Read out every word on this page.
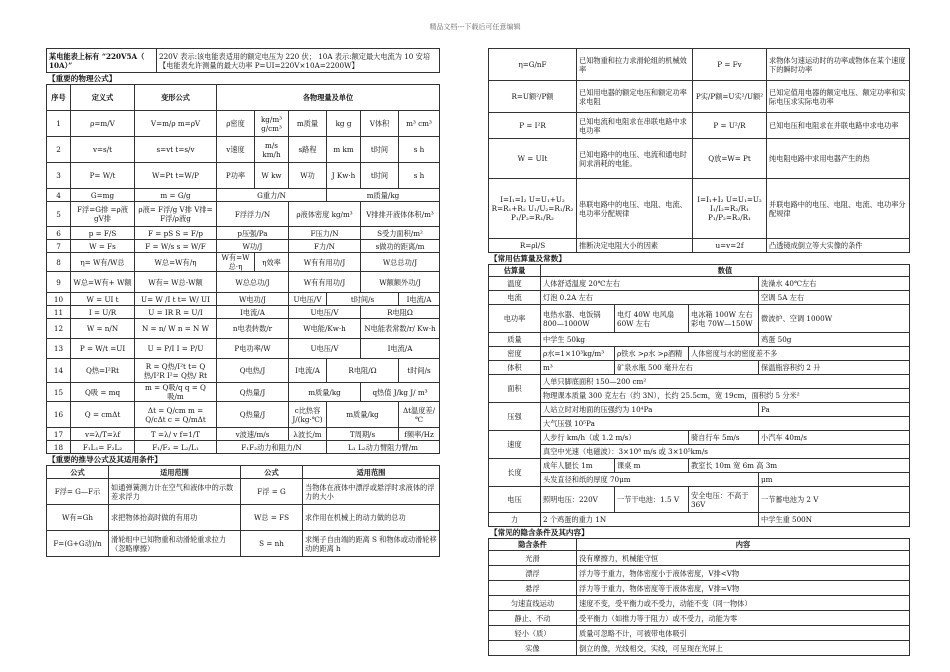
精品文档---下载后可任意编辑
某电能表上标有 “220V5A（ 10A）”	220V 表示:该电能表适用的额定电压为 220 伏； 10A 表示:额定最大电流为 10 安培【电能表允许测量的最大功率 P=UI=220V×10A=2200W】
【重要的物理公式】
序号	定义式	变形公式	各物理量及单位					
1	ρ=m/V	V=m/ρ m=ρV	ρ密度	kg/m³ g/cm³	m质量	kg g	V体积	m³ cm³
2	v=s/t	s=vt t=s/v	v速度	m/s km/h	s路程	m km	t时间	s h
3	P= W/t	W=Pt t=W/P	P功率	W kw	W功	J Kw·h	t时间	s h
4	G=mg	m = G/g	G重力/N			m质量/kg		
5	F浮=G排 =ρ液gV排	ρ液= F浮/g V排 V排= F浮/ρ液g	F浮浮力/N		ρ液体密度 kg/m³		V排排开液体体积/m³	
6	p = F/S	F = pS S = F/p	p压强/Pa		F压力/N		S受力面积/m²	
7	W = Fs	F = W/s s = W/F	W功/J		F力/N		s做功的距离/m	
8	η= W有/W总	W总=W有/η	W有=W总·η	η效率	W有有用功/J		W总总功/J	
9	W总=W有+ W额	W有= W总-W额	W总总功/J		W有有用功/J		W额额外功/J	
10	W = UI t	U= W /I t t= W/ UI	W电功/J		U电压/V	t时间/s		I电流/A
11	I = U/R	U = IR R = U/I	I电流/A		U电压/V		R电阻Ω	
12	W = n/N	N = n/ W n = N W	n电表转数/r		W电能/Kw·h		N电能表常数/r/ Kw·h	
13	P = W/t =UI	U = P/I I = P/U	P电功率/W		U电压/V		I电流/A	
14	Q热=I²Rt	R = Q热/I²t t= Q热/I²R I²= Q热/ Rt	Q电热/J		I电流/A	R电阻/Ω		t时间/s
15	Q吸 = mq	m = Q吸/q q = Q吸/m	Q热量/J		m质量/kg		q热值 J/kg J/ m³	
16	Q = cmΔt	Δt = Q/cm m = Q/cΔt c = Q/mΔt	Q热量/J		c比热容 J/(kg·℃)	m质量/kg		Δt温度差/℃
17	v=λ/T=λf	T =λ/ v f=1/T	v波速/m/s		λ波长/m	T周期/s		f频率/Hz
18	F₁L₁= F₂L₂	F₁/F₂ = L₂/L₁	F₁F₂动力和阻力/N			L₁ L₂动力臂阻力臂/m		
【重要的推导公式及其适用条件】
公式	适用范围	公式	适用范围
F浮= G—F示	如通弹簧测力计在空气和液体中的示数差求浮力	F浮 = G	当物体在液体中漂浮或悬浮时求液体的浮力的大小
W有=Gh	求把物体抬高时做的有用功	W总 = FS	求作用在机械上的动力做的总功
F=(G+G动)/n	滑轮组中已知物重和动滑轮重求拉力（忽略摩擦）	S = nh	求绳子自由端的距离 S 和物体或动滑轮移动的距离 h
η=G/nF	已知物重和拉力求滑轮组的机械效率	P = Fv	求物体匀速运动时的功率或物体在某个速度下的瞬时功率
R=U额²/P额	已知用电器的额定电压和额定功率求电阻	P实/P额=U实²/U额²	已知定值用电器的额定电压、额定功率和实际电压求实际电功率
P = I²R	已知电流和电阻求在串联电路中求电功率	P = U²/R	已知电压和电阻求在并联电路中求电功率
W = UIt	已知电路中的电压、电流和通电时间求消耗的电能。	Q放=W= Pt	纯电阻电路中求用电器产生的热
I=I₁=I₂ U=U₁+U₂ R=R₁+R₂ U₁/U₂=R₁/R₂ P₁/P₂=R₁/R₂	串联电路中的电压、电阻、电流、电功率分配规律	I=I₁+I₂ U=U₁=U₂ I₁/I₂=R₂/R₁ P₁/P₂=R₂/R₁	并联电路中的电压、电阻、电流、电功率分配规律
R=ρl/S	推断决定电阻大小的因素	u=v=2f	凸透镜成倒立等大实像的条件
【常用估算量及常数】
估算量	数值			
温度	人体舒适温度 20℃左右			洗澡水 40℃左右
电流	灯泡 0.2A 左右			空调 5A 左右
电功率	电热水器、电饭锅800—1000W	电灯 40W 电风扇 60W 左右	电冰箱 100W 左右 彩电 70W—150W	微波炉、空调 1000W
质量	中学生 50kg			鸡蛋 50g
密度	ρ水=1×10³kg/m³	ρ铁水 >ρ水 >ρ酒精	人体密度与水的密度差不多	
体积	m³	矿泉水瓶 500 毫升左右		保温瓶容积约 2 升
面积	人单只脚底面积 150—200 cm²			
	物理课本质量 300 克左右（约 3N），长约 25.5cm，宽 19cm，面积约 5 分米²			
压强	人站立时对地面的压强约为 10⁴Pa			Pa
	大气压强 10⁵Pa			
速度	人步行 km/h（或 1.2 m/s）		骑自行车 5m/s	小汽车 40m/s
	真空中光速（电磁波）：3×10⁸ m/s 或 3×10⁵km/s			
长度	成年人腿长 1m	课桌 m	教室长 10m 宽 6m 高 3m	
	头发直径和纸的厚度 70μm			μm
电压	照明电压：220V	一节干电池：1.5 V	安全电压：不高于 36V	一节蓄电池为 2 V
力	2 个鸡蛋的重力 1N			中学生重 500N
【常见的隐含条件及其内容】
隐含条件	内容
光滑	没有摩擦力，机械能守恒
漂浮	浮力等于重力，物体密度小于液体密度，V排<V物
悬浮	浮力等于重力，物体密度等于液体密度，V排=V物
匀速直线运动	速度不变，受平衡力或不受力，动能不变（同一物体）
静止、不动	受平衡力（如推力等于阻力）或不受力，动能为零
轻小（质）	质量可忽略不计，可被带电体吸引
实像	倒立的像，光线相交，实线，可呈现在光屏上
